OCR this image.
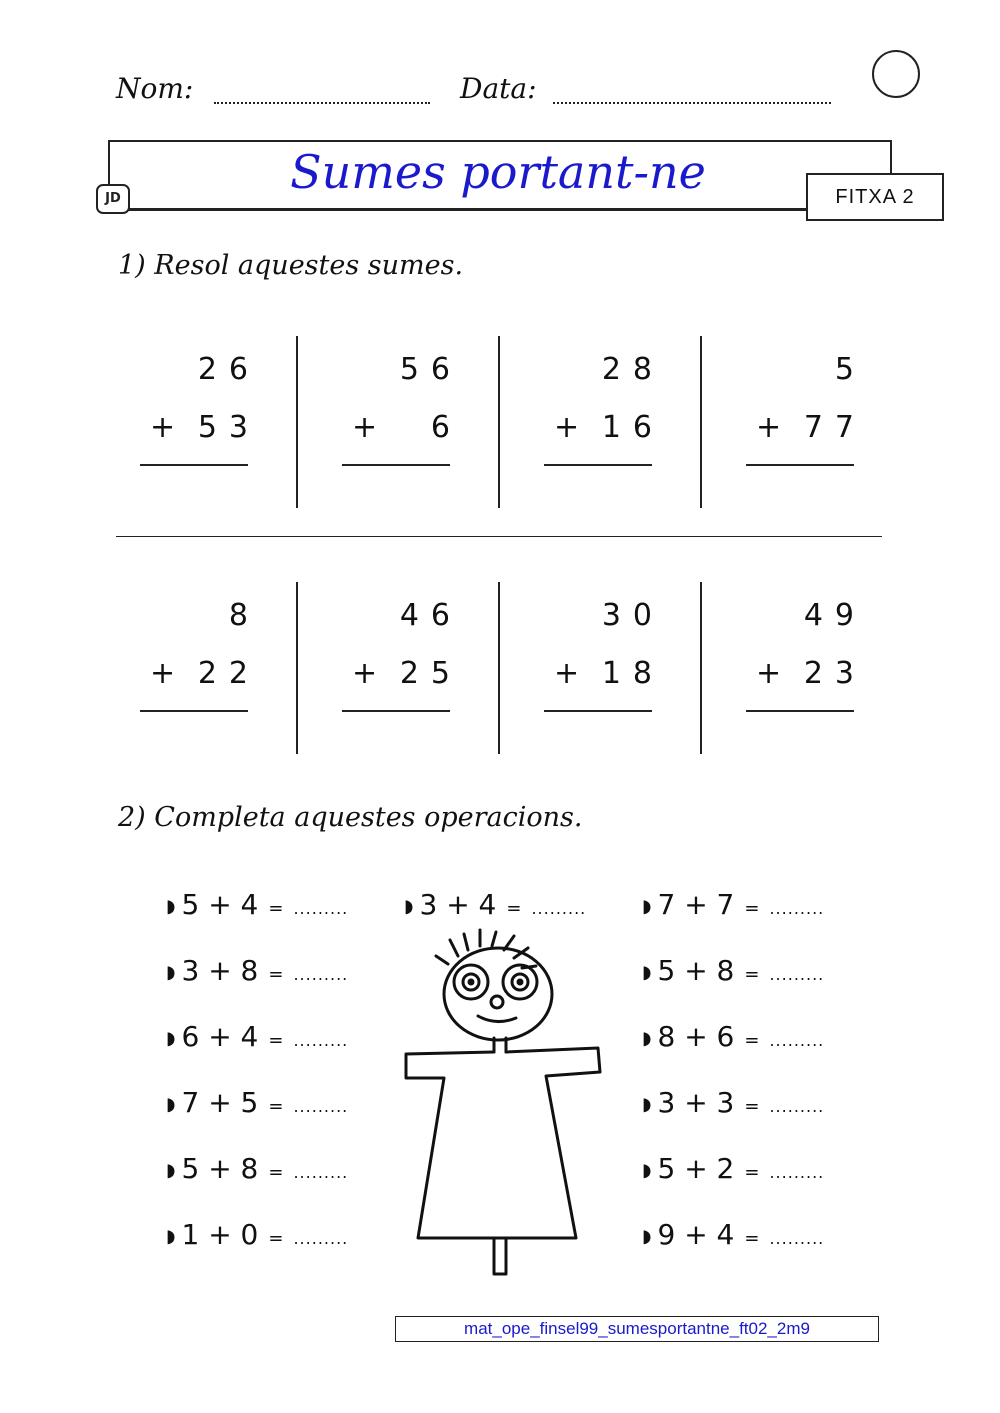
Nom:	Data:
Sumes portant-ne
JD	FITXA 2
1) Resol aquestes sumes.
26
+ 53
56
+	6
28
+ 16
5
+ 77
8
+ 22
46
+ 25
30
+ 18
49
+ 23
2) Completa aquestes operacions.
◗ 5 + 4 = .........
◗ 3 + 8 = .........
◗ 6 + 4 = .........
◗ 7 + 5 = .........
◗ 5 + 8 = .........
◗ 1 + 0 = .........
◗ 3 + 4 = .........	◗ 7 + 7 = .........
◗ 5 + 8 = .........
◗ 8 + 6 = .........
◗ 3 + 3 = .........
◗ 5 + 2 = .........
◗ 9 + 4 = .........
mat_ope_finsel99_sumesportantne_ft02_2m9
